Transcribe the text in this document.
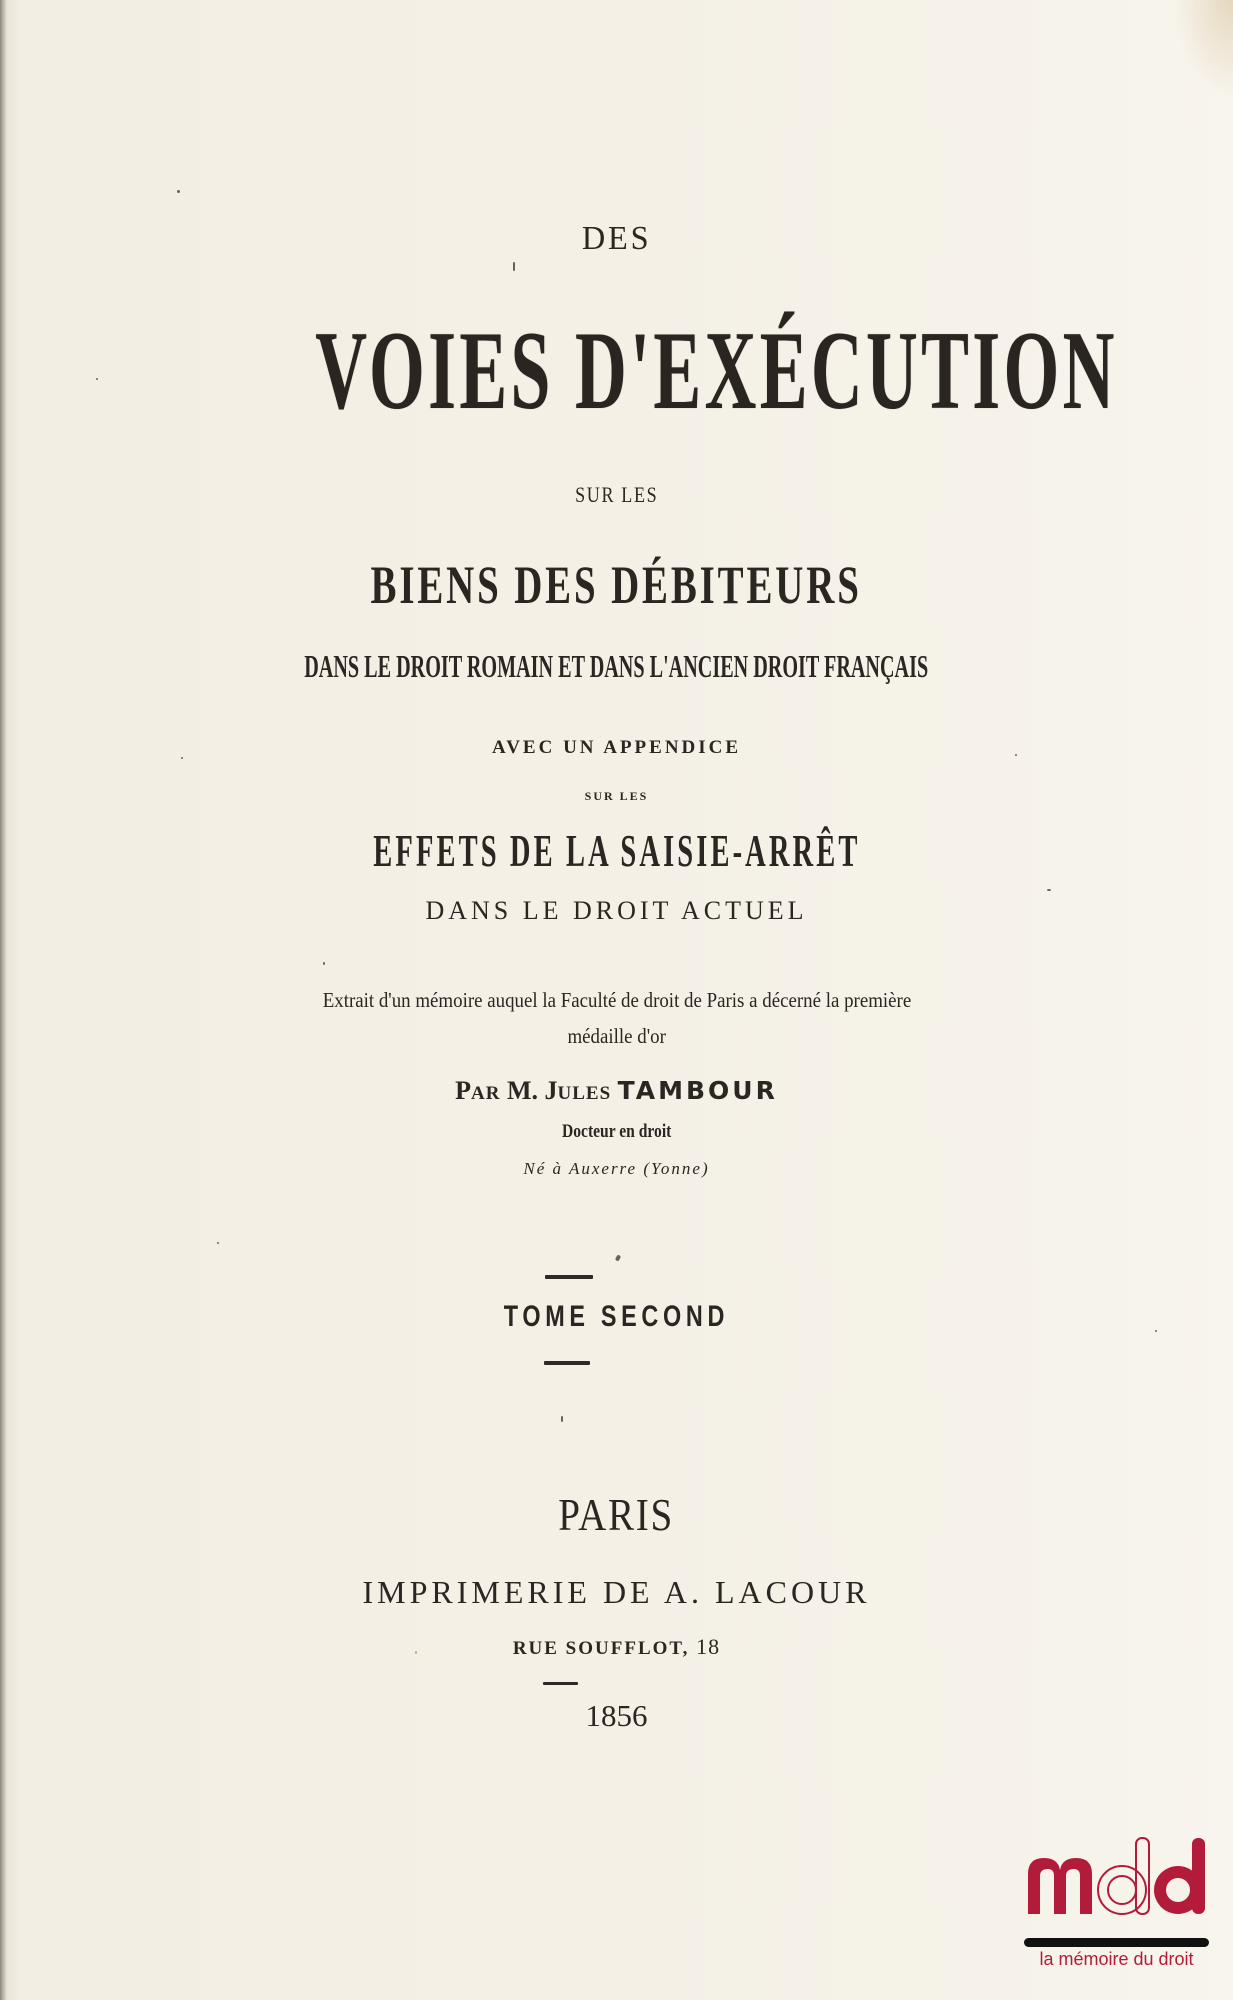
DES
VOIES D'EXÉCUTION
SUR LES
BIENS DES DÉBITEURS
DANS LE DROIT ROMAIN ET DANS L'ANCIEN DROIT FRANÇAIS
AVEC UN APPENDICE
SUR LES
EFFETS DE LA SAISIE-ARRÊT
DANS LE DROIT ACTUEL
Extrait d'un mémoire auquel la Faculté de droit de Paris a décerné la première
médaille d'or
PAR M. JULES TAMBOUR
Docteur en droit
Né à Auxerre (Yonne)
TOME SECOND
PARIS
IMPRIMERIE DE A. LACOUR
RUE SOUFFLOT, 18
1856
la mémoire du droit
